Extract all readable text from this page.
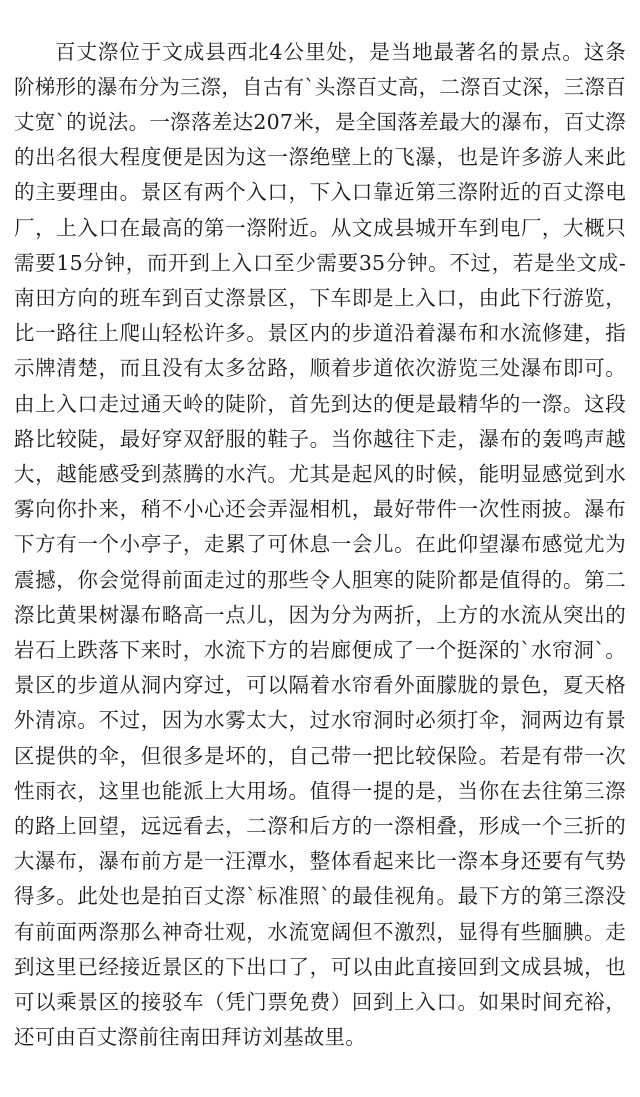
百丈漈位于文成县西北4公里处，是当地最著名的景点。这条阶梯形的瀑布分为三漈，自古有`头漈百丈高，二漈百丈深，三漈百丈宽`的说法。一漈落差达207米，是全国落差最大的瀑布，百丈漈的出名很大程度便是因为这一漈绝壁上的飞瀑，也是许多游人来此的主要理由。景区有两个入口，下入口靠近第三漈附近的百丈漈电厂，上入口在最高的第一漈附近。从文成县城开车到电厂，大概只需要15分钟，而开到上入口至少需要35分钟。不过，若是坐文成-南田方向的班车到百丈漈景区，下车即是上入口，由此下行游览，比一路往上爬山轻松许多。景区内的步道沿着瀑布和水流修建，指示牌清楚，而且没有太多岔路，顺着步道依次游览三处瀑布即可。由上入口走过通天岭的陡阶，首先到达的便是最精华的一漈。这段路比较陡，最好穿双舒服的鞋子。当你越往下走，瀑布的轰鸣声越大，越能感受到蒸腾的水汽。尤其是起风的时候，能明显感觉到水雾向你扑来，稍不小心还会弄湿相机，最好带件一次性雨披。瀑布下方有一个小亭子，走累了可休息一会儿。在此仰望瀑布感觉尤为震撼，你会觉得前面走过的那些令人胆寒的陡阶都是值得的。第二漈比黄果树瀑布略高一点儿，因为分为两折，上方的水流从突出的岩石上跌落下来时，水流下方的岩廊便成了一个挺深的`水帘洞`。景区的步道从洞内穿过，可以隔着水帘看外面朦胧的景色，夏天格外清凉。不过，因为水雾太大，过水帘洞时必须打伞，洞两边有景区提供的伞，但很多是坏的，自己带一把比较保险。若是有带一次性雨衣，这里也能派上大用场。值得一提的是，当你在去往第三漈的路上回望，远远看去，二漈和后方的一漈相叠，形成一个三折的大瀑布，瀑布前方是一汪潭水，整体看起来比一漈本身还要有气势得多。此处也是拍百丈漈`标准照`的最佳视角。最下方的第三漈没有前面两漈那么神奇壮观，水流宽阔但不激烈，显得有些腼腆。走到这里已经接近景区的下出口了，可以由此直接回到文成县城，也可以乘景区的接驳车（凭门票免费）回到上入口。如果时间充裕，还可由百丈漈前往南田拜访刘基故里。
